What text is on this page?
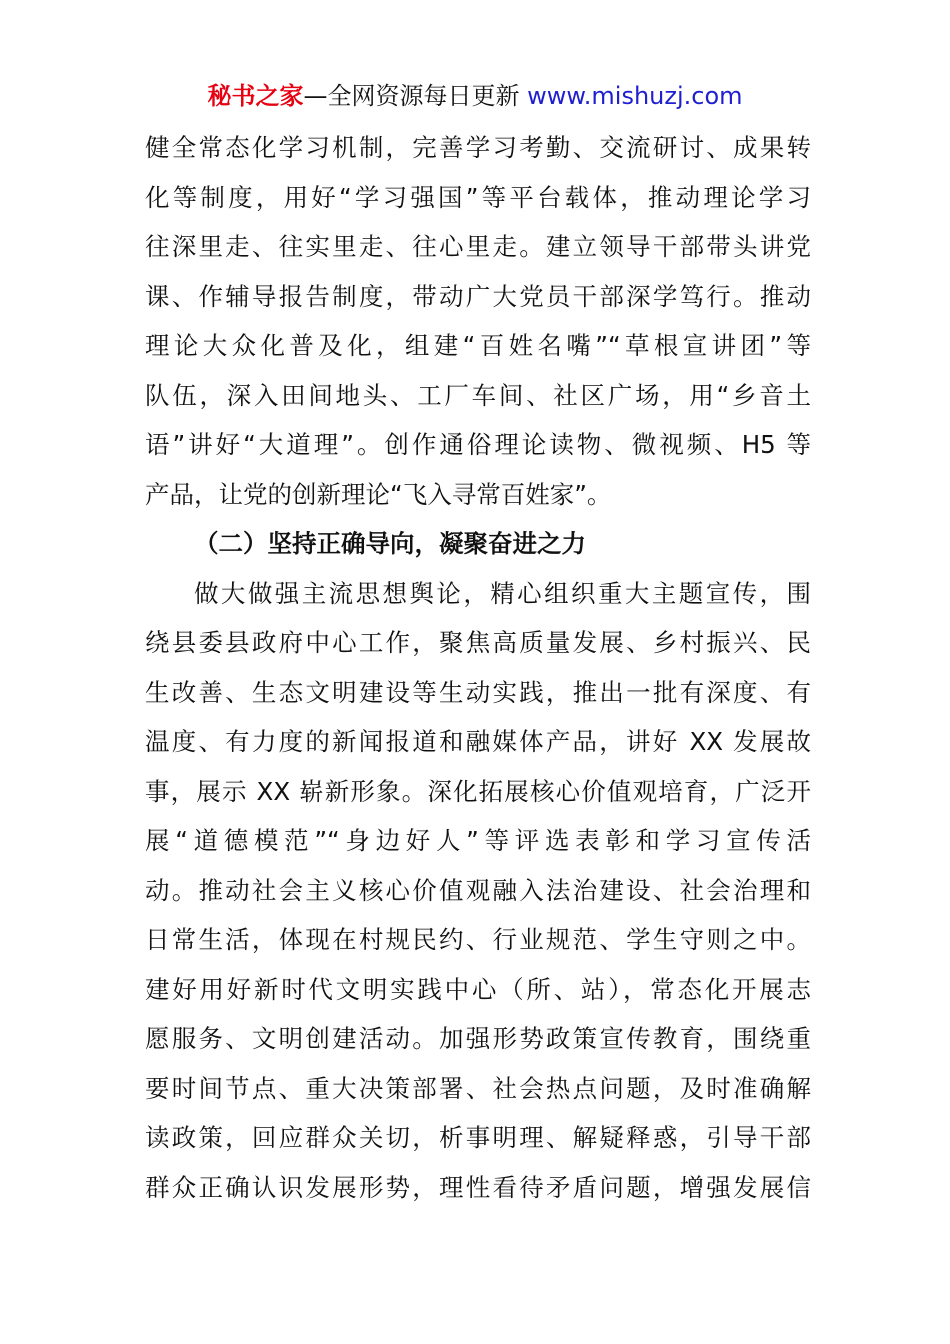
秘书之家—全网资源每日更新 www.mishuzj.com
健全常态化学习机制，完善学习考勤、交流研讨、成果转
化等制度，用好“学习强国”等平台载体，推动理论学习
往深里走、往实里走、往心里走。建立领导干部带头讲党
课、作辅导报告制度，带动广大党员干部深学笃行。推动
理论大众化普及化，组建“百姓名嘴”“草根宣讲团”等
队伍，深入田间地头、工厂车间、社区广场，用“乡音土
语”讲好“大道理”。创作通俗理论读物、微视频、H5 等
产品，让党的创新理论“飞入寻常百姓家”。
（二）坚持正确导向，凝聚奋进之力
做大做强主流思想舆论，精心组织重大主题宣传，围
绕县委县政府中心工作，聚焦高质量发展、乡村振兴、民
生改善、生态文明建设等生动实践，推出一批有深度、有
温度、有力度的新闻报道和融媒体产品，讲好 XX 发展故
事，展示 XX 崭新形象。深化拓展核心价值观培育，广泛开
展“道德模范”“身边好人”等评选表彰和学习宣传活
动。推动社会主义核心价值观融入法治建设、社会治理和
日常生活，体现在村规民约、行业规范、学生守则之中。
建好用好新时代文明实践中心（所、站），常态化开展志
愿服务、文明创建活动。加强形势政策宣传教育，围绕重
要时间节点、重大决策部署、社会热点问题，及时准确解
读政策，回应群众关切，析事明理、解疑释惑，引导干部
群众正确认识发展形势，理性看待矛盾问题，增强发展信
